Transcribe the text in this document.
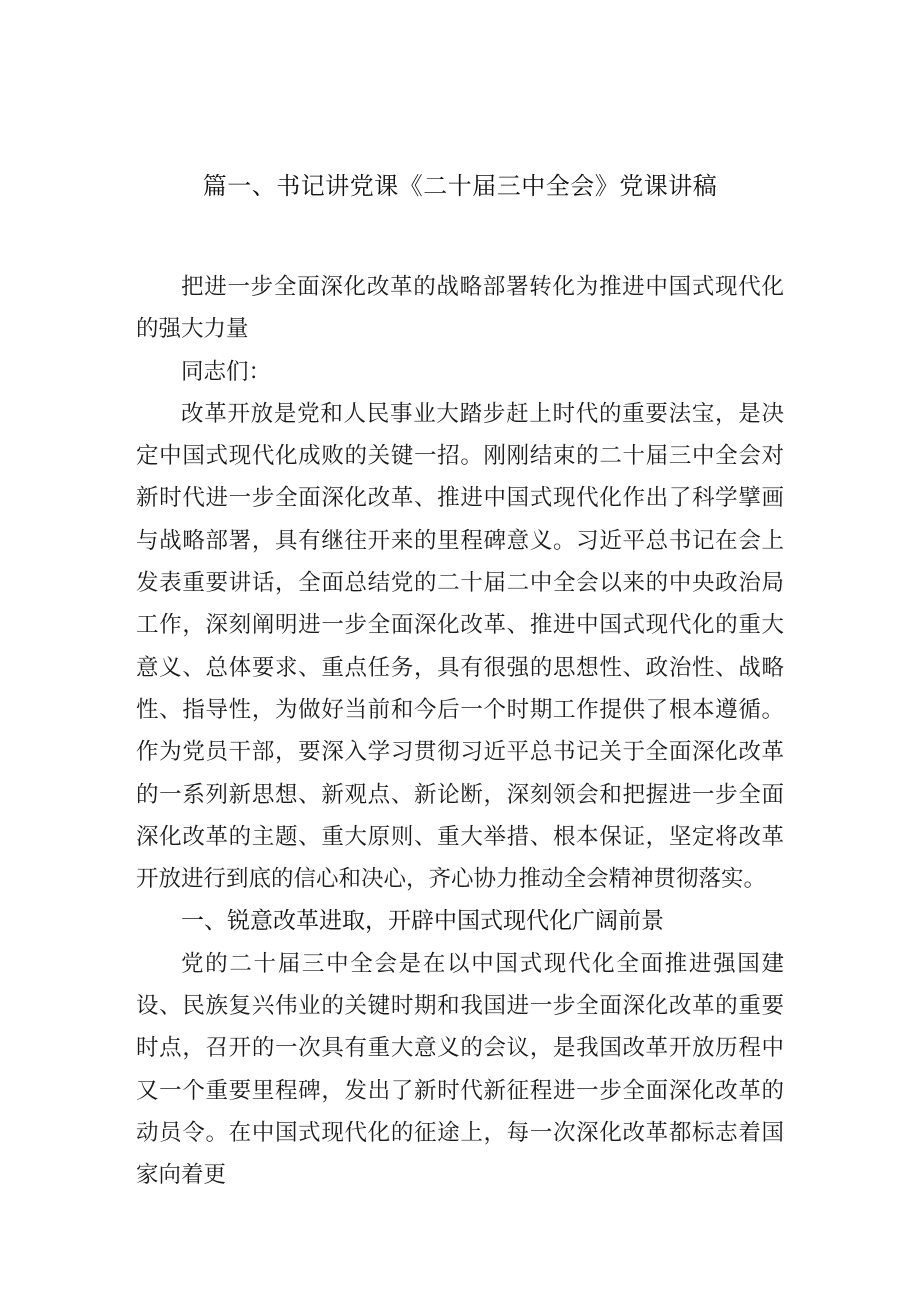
篇一、书记讲党课《二十届三中全会》党课讲稿

把进一步全面深化改革的战略部署转化为推进中国式现代化的强大力量

同志们：

改革开放是党和人民事业大踏步赶上时代的重要法宝，是决定中国式现代化成败的关键一招。刚刚结束的二十届三中全会对新时代进一步全面深化改革、推进中国式现代化作出了科学擘画与战略部署，具有继往开来的里程碑意义。习近平总书记在会上发表重要讲话，全面总结党的二十届二中全会以来的中央政治局工作，深刻阐明进一步全面深化改革、推进中国式现代化的重大意义、总体要求、重点任务，具有很强的思想性、政治性、战略性、指导性，为做好当前和今后一个时期工作提供了根本遵循。作为党员干部，要深入学习贯彻习近平总书记关于全面深化改革的一系列新思想、新观点、新论断，深刻领会和把握进一步全面深化改革的主题、重大原则、重大举措、根本保证，坚定将改革开放进行到底的信心和决心，齐心协力推动全会精神贯彻落实。

一、锐意改革进取，开辟中国式现代化广阔前景

党的二十届三中全会是在以中国式现代化全面推进强国建设、民族复兴伟业的关键时期和我国进一步全面深化改革的重要时点，召开的一次具有重大意义的会议，是我国改革开放历程中又一个重要里程碑，发出了新时代新征程进一步全面深化改革的动员令。在中国式现代化的征途上，每一次深化改革都标志着国家向着更
